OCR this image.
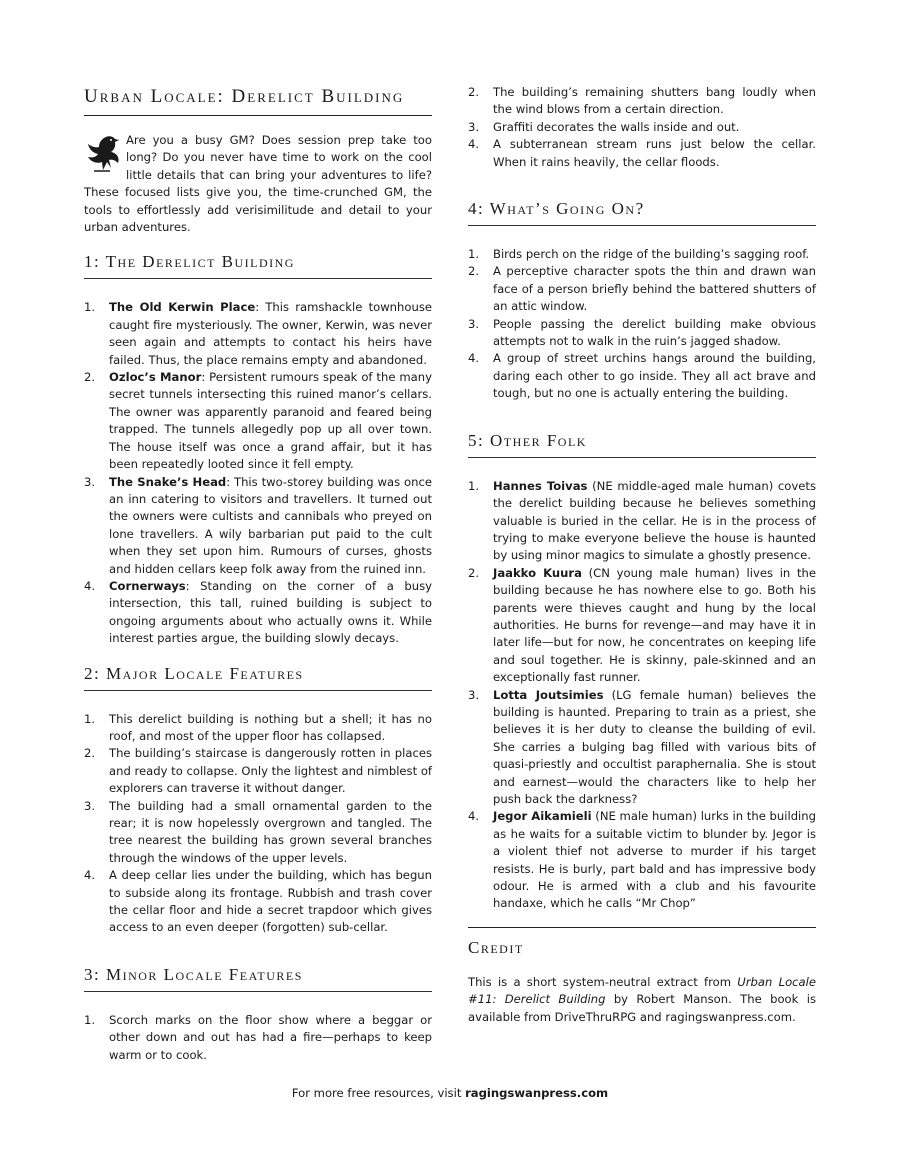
Urban Locale: Derelict Building

Are you a busy GM? Does session prep take too long? Do you never have time to work on the cool little details that can bring your adventures to life? These focused lists give you, the time-crunched GM, the tools to effortlessly add verisimilitude and detail to your urban adventures.

1: The Derelict Building
1. The Old Kerwin Place: This ramshackle townhouse caught fire mysteriously. The owner, Kerwin, was never seen again and attempts to contact his heirs have failed. Thus, the place remains empty and abandoned.
2. Ozloc’s Manor: Persistent rumours speak of the many secret tunnels intersecting this ruined manor’s cellars. The owner was apparently paranoid and feared being trapped. The tunnels allegedly pop up all over town. The house itself was once a grand affair, but it has been repeatedly looted since it fell empty.
3. The Snake’s Head: This two-storey building was once an inn catering to visitors and travellers. It turned out the owners were cultists and cannibals who preyed on lone travellers. A wily barbarian put paid to the cult when they set upon him. Rumours of curses, ghosts and hidden cellars keep folk away from the ruined inn.
4. Cornerways: Standing on the corner of a busy intersection, this tall, ruined building is subject to ongoing arguments about who actually owns it. While interest parties argue, the building slowly decays.
2: Major Locale Features
1. This derelict building is nothing but a shell; it has no roof, and most of the upper floor has collapsed.
2. The building’s staircase is dangerously rotten in places and ready to collapse. Only the lightest and nimblest of explorers can traverse it without danger.
3. The building had a small ornamental garden to the rear; it is now hopelessly overgrown and tangled. The tree nearest the building has grown several branches through the windows of the upper levels.
4. A deep cellar lies under the building, which has begun to subside along its frontage. Rubbish and trash cover the cellar floor and hide a secret trapdoor which gives access to an even deeper (forgotten) sub-cellar.
3: Minor Locale Features
1. Scorch marks on the floor show where a beggar or other down and out has had a fire—perhaps to keep warm or to cook.
2. The building’s remaining shutters bang loudly when the wind blows from a certain direction.
3. Graffiti decorates the walls inside and out.
4. A subterranean stream runs just below the cellar. When it rains heavily, the cellar floods.
4: What’s Going On?
1. Birds perch on the ridge of the building’s sagging roof.
2. A perceptive character spots the thin and drawn wan face of a person briefly behind the battered shutters of an attic window.
3. People passing the derelict building make obvious attempts not to walk in the ruin’s jagged shadow.
4. A group of street urchins hangs around the building, daring each other to go inside. They all act brave and tough, but no one is actually entering the building.
5: Other Folk
1. Hannes Toivas (NE middle-aged male human) covets the derelict building because he believes something valuable is buried in the cellar. He is in the process of trying to make everyone believe the house is haunted by using minor magics to simulate a ghostly presence.
2. Jaakko Kuura (CN young male human) lives in the building because he has nowhere else to go. Both his parents were thieves caught and hung by the local authorities. He burns for revenge—and may have it in later life—but for now, he concentrates on keeping life and soul together. He is skinny, pale-skinned and an exceptionally fast runner.
3. Lotta Joutsimies (LG female human) believes the building is haunted. Preparing to train as a priest, she believes it is her duty to cleanse the building of evil. She carries a bulging bag filled with various bits of quasi-priestly and occultist paraphernalia. She is stout and earnest—would the characters like to help her push back the darkness?
4. Jegor Aikamieli (NE male human) lurks in the building as he waits for a suitable victim to blunder by. Jegor is a violent thief not adverse to murder if his target resists. He is burly, part bald and has impressive body odour. He is armed with a club and his favourite handaxe, which he calls “Mr Chop”
Credit

This is a short system-neutral extract from Urban Locale #11: Derelict Building by Robert Manson. The book is available from DriveThruRPG and ragingswanpress.com.

For more free resources, visit ragingswanpress.com
